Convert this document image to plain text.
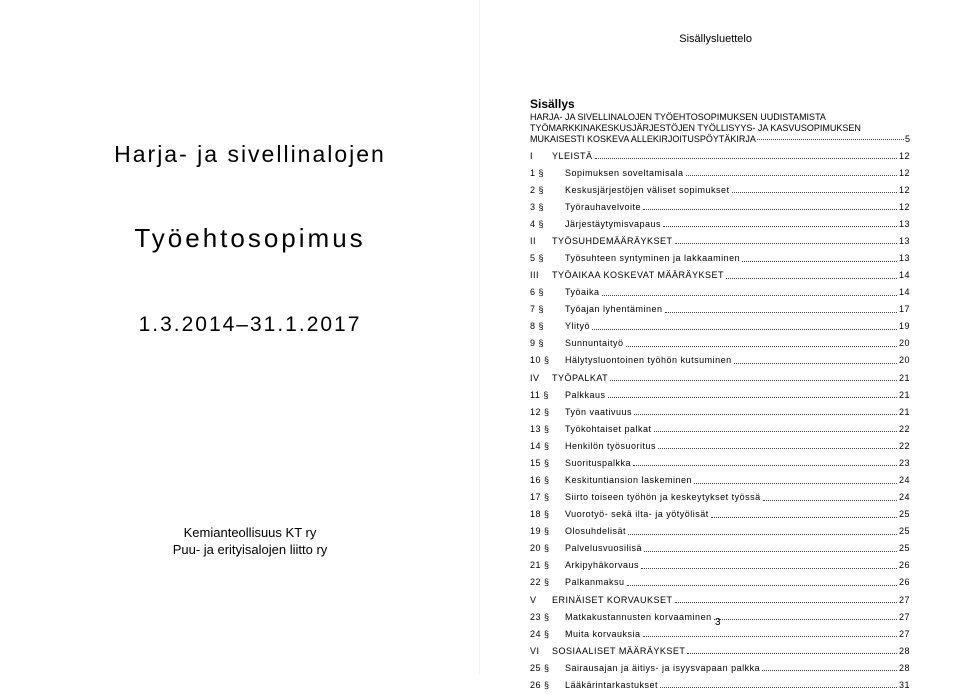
Harja- ja sivellinalojen
Työehtosopimus
1.3.2014–31.1.2017
Kemianteollisuus KT ry
Puu- ja erityisalojen liitto ry
Sisällysluettelo
Sisällys
HARJA- JA SIVELLINALOJEN TYÖEHTOSOPIMUKSEN UUDISTAMISTA
TYÖMARKKINAKESKUSJÄRJESTÖJEN TYÖLLISYYS- JA KASVUSOPIMUKSEN
MUKAISESTI KOSKEVA ALLEKIRJOITUSPÖYTÄKIRJA	5
I	YLEISTÄ	12
1 §	Sopimuksen soveltamisala	12
2 §	Keskusjärjestöjen väliset sopimukset	12
3 §	Työrauhavelvoite	12
4 §	Järjestäytymisvapaus	13
II	TYÖSUHDEMÄÄRÄYKSET	13
5 §	Työsuhteen syntyminen ja lakkaaminen	13
III	TYÖAIKAA KOSKEVAT MÄÄRÄYKSET	14
6 §	Työaika	14
7 §	Työajan lyhentäminen	17
8 §	Ylityö	19
9 §	Sunnuntaityö	20
10 §	Hälytysluontoinen työhön kutsuminen	20
IV	TYÖPALKAT	21
11 §	Palkkaus	21
12 §	Työn vaativuus	21
13 §	Työkohtaiset palkat	22
14 §	Henkilön työsuoritus	22
15 §	Suorituspalkka	23
16 §	Keskituntiansion laskeminen	24
17 §	Siirto toiseen työhön ja keskeytykset työssä	24
18 §	Vuorotyö- sekä ilta- ja yötyölisät	25
19 §	Olosuhdelisät	25
20 §	Palvelusvuosilisä	25
21 §	Arkipyhäkorvaus	26
22 §	Palkanmaksu	26
V	ERINÄISET KORVAUKSET	27
23 §	Matkakustannusten korvaaminen	27
24 §	Muita korvauksia	27
VI	SOSIAALISET MÄÄRÄYKSET	28
25 §	Sairausajan ja äitiys- ja isyysvapaan palkka	28
26 §	Lääkärintarkastukset	31
3
